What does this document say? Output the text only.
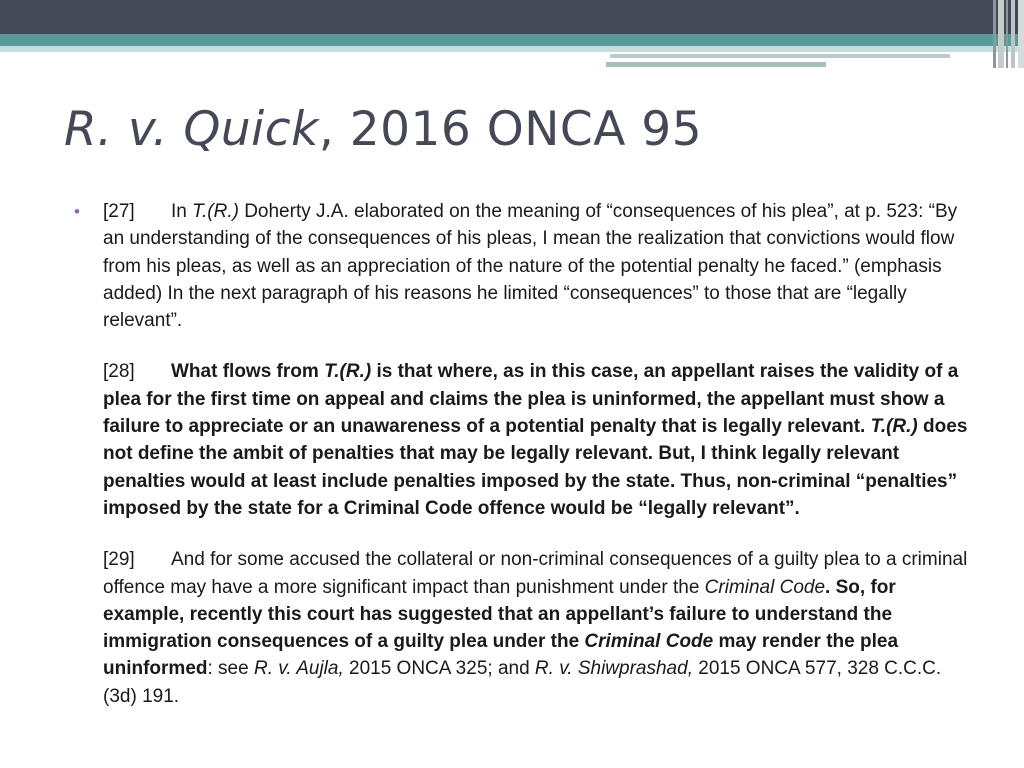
R. v. Quick, 2016 ONCA 95

• [27] In T.(R.) Doherty J.A. elaborated on the meaning of “consequences of his plea”, at p. 523: “By an understanding of the consequences of his pleas, I mean the realization that convictions would flow from his pleas, as well as an appreciation of the nature of the potential penalty he faced.” (emphasis added) In the next paragraph of his reasons he limited “consequences” to those that are “legally relevant”.

[28] What flows from T.(R.) is that where, as in this case, an appellant raises the validity of a plea for the first time on appeal and claims the plea is uninformed, the appellant must show a failure to appreciate or an unawareness of a potential penalty that is legally relevant. T.(R.) does not define the ambit of penalties that may be legally relevant. But, I think legally relevant penalties would at least include penalties imposed by the state. Thus, non-criminal “penalties” imposed by the state for a Criminal Code offence would be “legally relevant”.

[29] And for some accused the collateral or non-criminal consequences of a guilty plea to a criminal offence may have a more significant impact than punishment under the Criminal Code. So, for example, recently this court has suggested that an appellant’s failure to understand the immigration consequences of a guilty plea under the Criminal Code may render the plea uninformed: see R. v. Aujla, 2015 ONCA 325; and R. v. Shiwprashad, 2015 ONCA 577, 328 C.C.C. (3d) 191.
